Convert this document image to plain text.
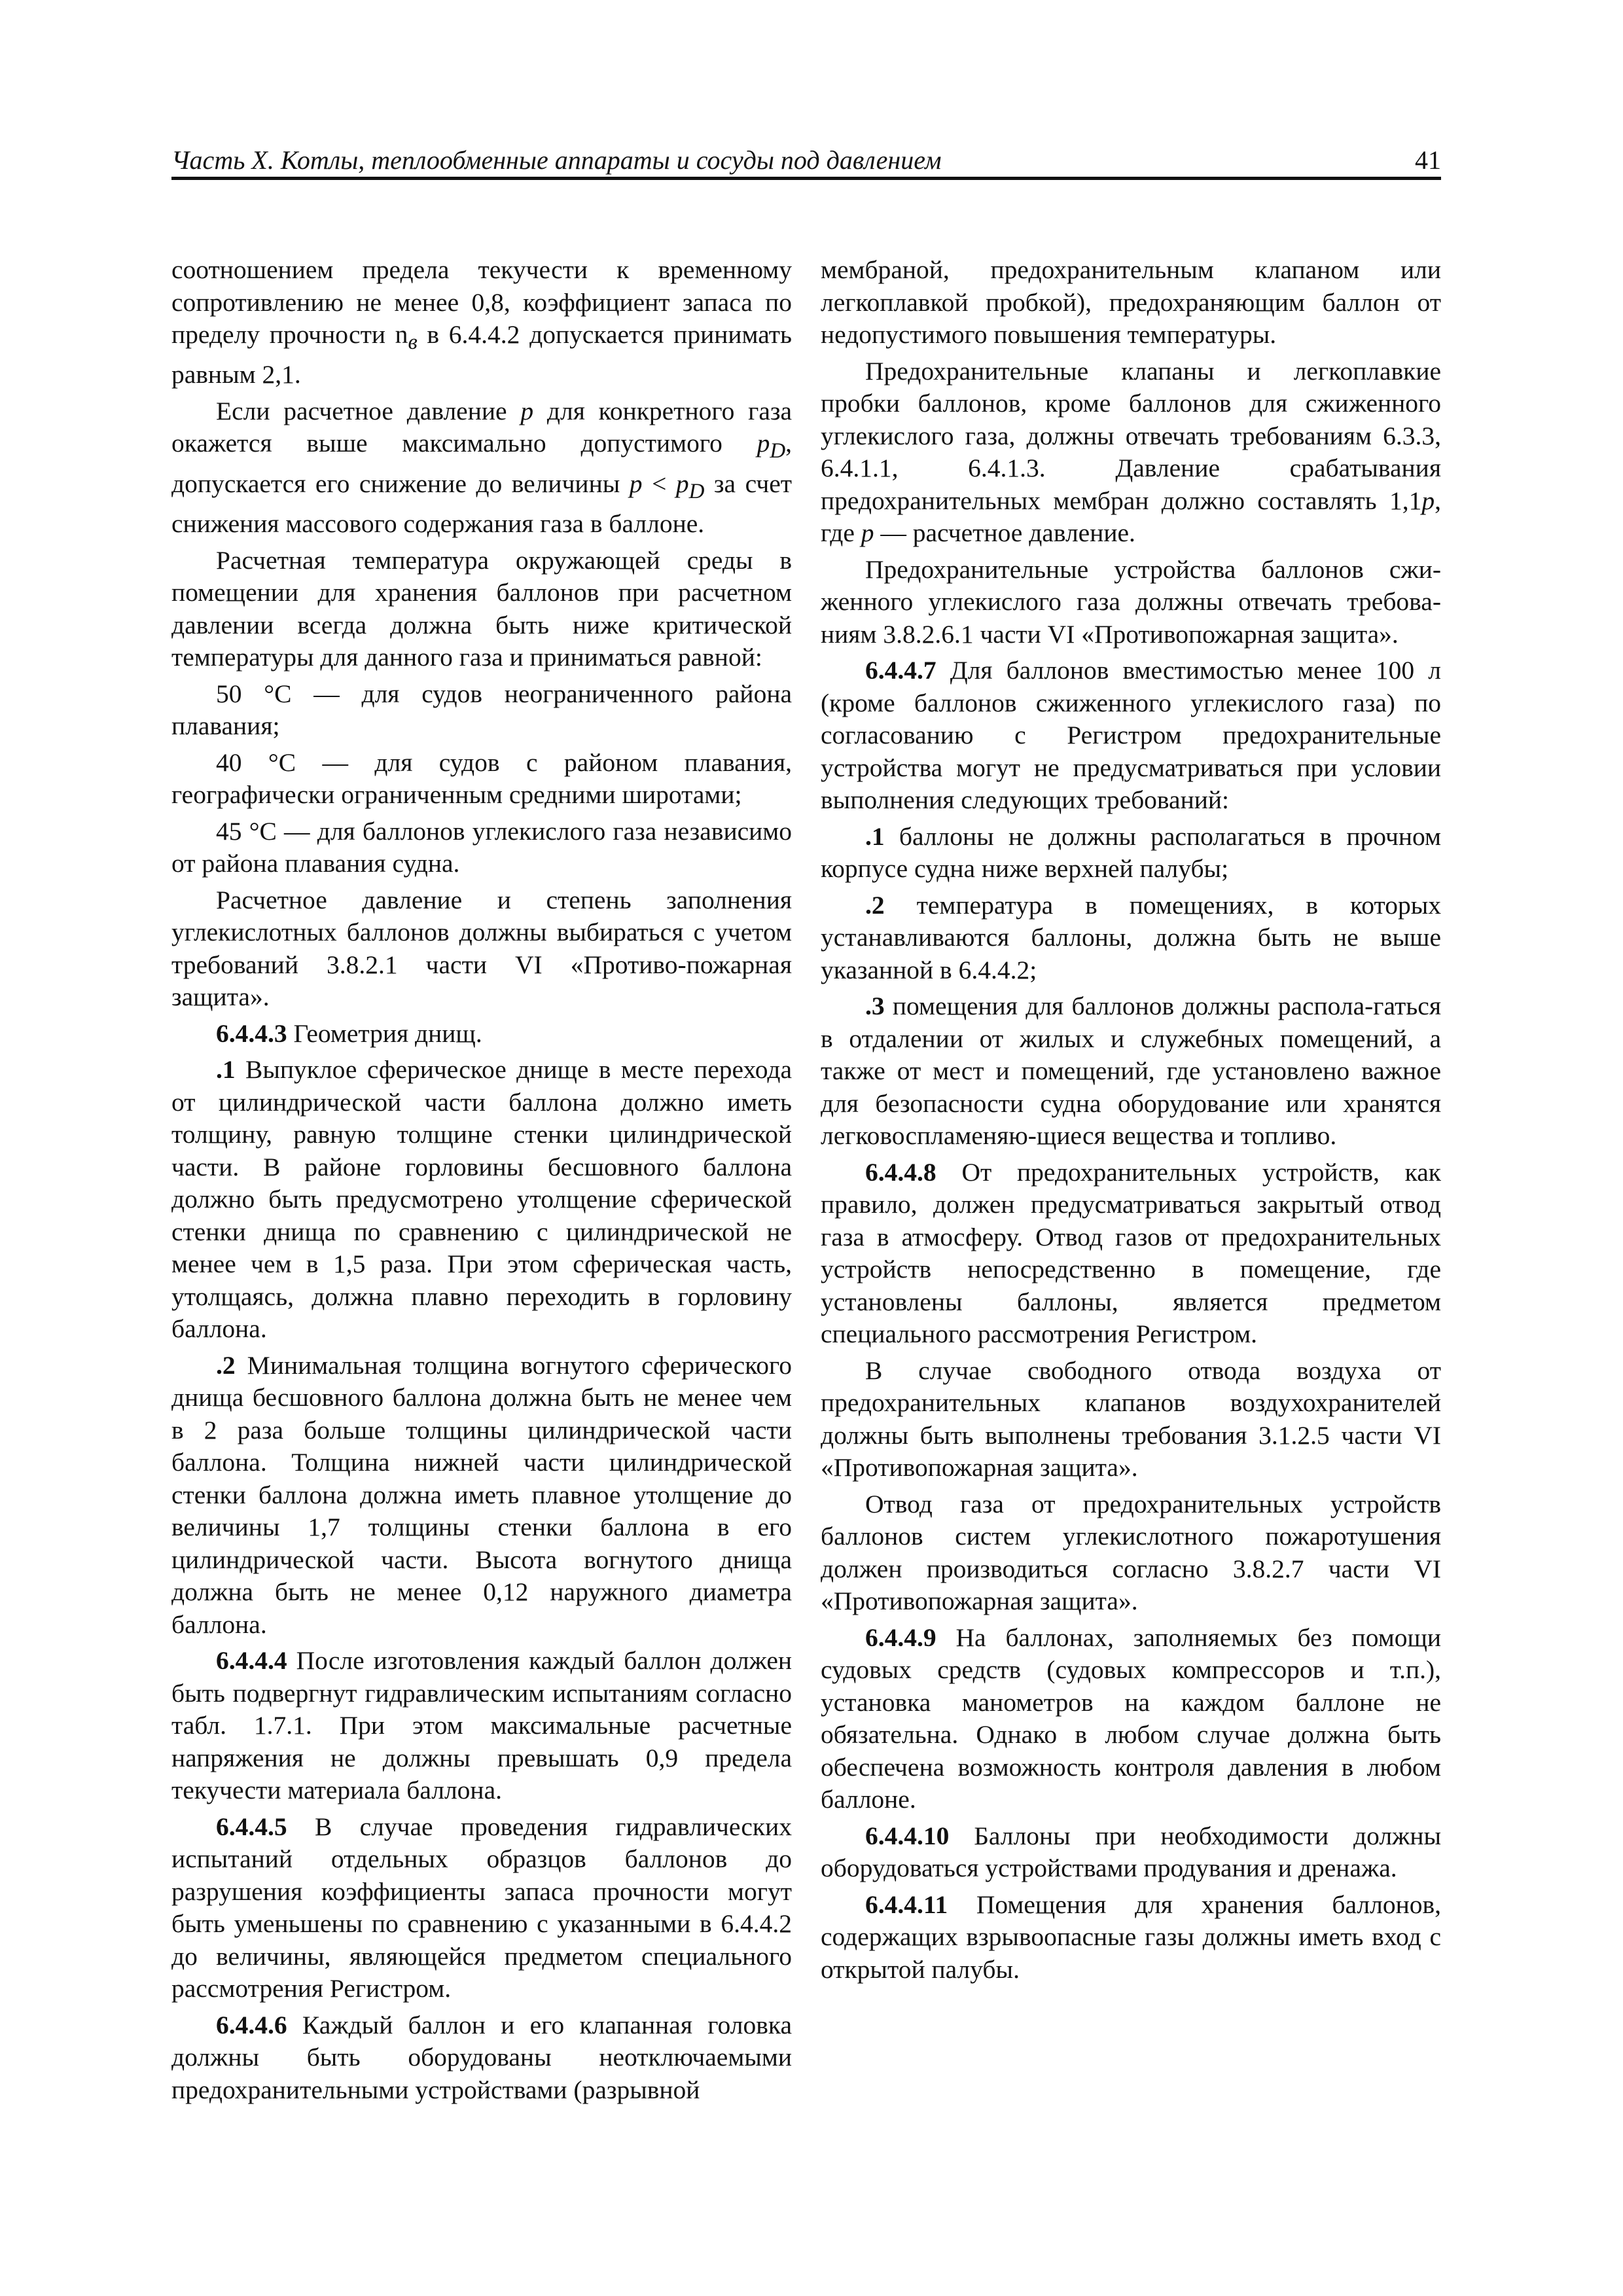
Часть X. Котлы, теплообменные аппараты и сосуды под давлением	41

соотношением предела текучести к временному сопротивлению не менее 0,8, коэффициент запаса по пределу прочности $n_в$ в 6.4.4.2 допускается принимать равным 2,1.

Если расчетное давление p для конкретного газа окажется выше максимально допустимого $p_D$, допускается его снижение до величины $p < p_D$ за счет снижения массового содержания газа в баллоне.

Расчетная температура окружающей среды в помещении для хранения баллонов при расчетном давлении всегда должна быть ниже критической температуры для данного газа и приниматься равной:

50 °C — для судов неограниченного района плавания;

40 °C — для судов с районом плавания, географически ограниченным средними широтами;

45 °C — для баллонов углекислого газа независимо от района плавания судна.

Расчетное давление и степень заполнения углекислотных баллонов должны выбираться с учетом требований 3.8.2.1 части VI «Противо-пожарная защита».

6.4.4.3 Геометрия днищ.

.1 Выпуклое сферическое днище в месте перехода от цилиндрической части баллона должно иметь толщину, равную толщине стенки цилиндрической части. В районе горловины бесшовного баллона должно быть предусмотрено утолщение сферической стенки днища по сравнению с цилиндрической не менее чем в 1,5 раза. При этом сферическая часть, утолщаясь, должна плавно переходить в горловину баллона.

.2 Минимальная толщина вогнутого сферического днища бесшовного баллона должна быть не менее чем в 2 раза больше толщины цилиндрической части баллона. Толщина нижней части цилиндрической стенки баллона должна иметь плавное утолщение до величины 1,7 толщины стенки баллона в его цилиндрической части. Высота вогнутого днища должна быть не менее 0,12 наружного диаметра баллона.

6.4.4.4 После изготовления каждый баллон должен быть подвергнут гидравлическим испытаниям согласно табл. 1.7.1. При этом максимальные расчетные напряжения не должны превышать 0,9 предела текучести материала баллона.

6.4.4.5 В случае проведения гидравлических испытаний отдельных образцов баллонов до разрушения коэффициенты запаса прочности могут быть уменьшены по сравнению с указанными в 6.4.4.2 до величины, являющейся предметом специального рассмотрения Регистром.

6.4.4.6 Каждый баллон и его клапанная головка должны быть оборудованы неотключаемыми предохранительными устройствами (разрывной

мембраной, предохранительным клапаном или легкоплавкой пробкой), предохраняющим баллон от недопустимого повышения температуры.

Предохранительные клапаны и легкоплавкие пробки баллонов, кроме баллонов для сжиженного углекислого газа, должны отвечать требованиям 6.3.3, 6.4.1.1, 6.4.1.3. Давление срабатывания предохранительных мембран должно составлять 1,1p, где p — расчетное давление.

Предохранительные устройства баллонов сжи-женного углекислого газа должны отвечать требова-ниям 3.8.2.6.1 части VI «Противопожарная защита».

6.4.4.7 Для баллонов вместимостью менее 100 л (кроме баллонов сжиженного углекислого газа) по согласованию с Регистром предохранительные устройства могут не предусматриваться при условии выполнения следующих требований:

.1 баллоны не должны располагаться в прочном корпусе судна ниже верхней палубы;

.2 температура в помещениях, в которых устанавливаются баллоны, должна быть не выше указанной в 6.4.4.2;

.3 помещения для баллонов должны распола-гаться в отдалении от жилых и служебных помещений, а также от мест и помещений, где установлено важное для безопасности судна оборудование или хранятся легковоспламеняю-щиеся вещества и топливо.

6.4.4.8 От предохранительных устройств, как правило, должен предусматриваться закрытый отвод газа в атмосферу. Отвод газов от предохранительных устройств непосредственно в помещение, где установлены баллоны, является предметом специального рассмотрения Регистром.

В случае свободного отвода воздуха от предохранительных клапанов воздухохранителей должны быть выполнены требования 3.1.2.5 части VI «Противопожарная защита».

Отвод газа от предохранительных устройств баллонов систем углекислотного пожаротушения должен производиться согласно 3.8.2.7 части VI «Противопожарная защита».

6.4.4.9 На баллонах, заполняемых без помощи судовых средств (судовых компрессоров и т.п.), установка манометров на каждом баллоне не обязательна. Однако в любом случае должна быть обеспечена возможность контроля давления в любом баллоне.

6.4.4.10 Баллоны при необходимости должны оборудоваться устройствами продувания и дренажа.

6.4.4.11 Помещения для хранения баллонов, содержащих взрывоопасные газы должны иметь вход с открытой палубы.
